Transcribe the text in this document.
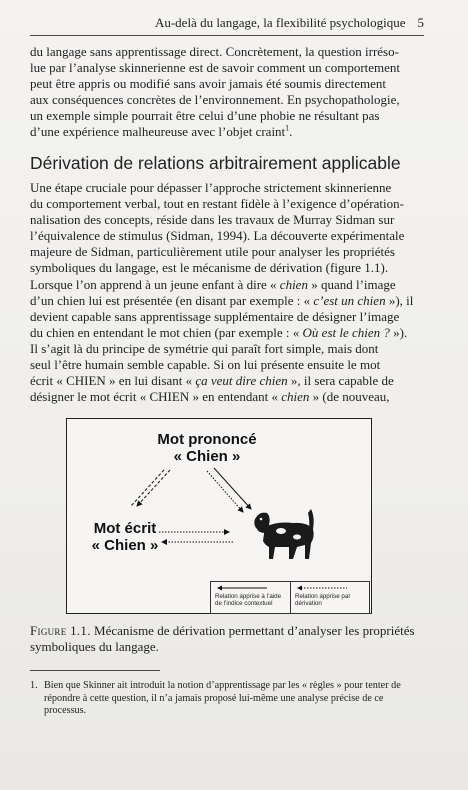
Au-delà du langage, la flexibilité psychologique 5

du langage sans apprentissage direct. Concrètement, la question irréso-

lue par l’analyse skinnerienne est de savoir comment un comportement

peut être appris ou modifié sans avoir jamais été soumis directement

aux conséquences concrètes de l’environnement. En psychopathologie,

un exemple simple pourrait être celui d’une phobie ne résultant pas

d’une expérience malheureuse avec l’objet craint$^1$.

Dérivation de relations arbitrairement applicable

Une étape cruciale pour dépasser l’approche strictement skinnerienne

du comportement verbal, tout en restant fidèle à l’exigence d’opération-

nalisation des concepts, réside dans les travaux de Murray Sidman sur

l’équivalence de stimulus (Sidman, 1994). La découverte expérimentale

majeure de Sidman, particulièrement utile pour analyser les propriétés

symboliques du langage, est le mécanisme de dérivation (figure 1.1).

Lorsque l’on apprend à un jeune enfant à dire « chien » quand l’image

d’un chien lui est présentée (en disant par exemple : « c’est un chien »), il

devient capable sans apprentissage supplémentaire de désigner l’image

du chien en entendant le mot chien (par exemple : « Où est le chien ? »).

Il s’agit là du principe de symétrie qui paraît fort simple, mais dont

seul l’être humain semble capable. Si on lui présente ensuite le mot

écrit « CHIEN » en lui disant « ça veut dire chien », il sera capable de

désigner le mot écrit « CHIEN » en entendant « chien » (de nouveau,

Mot prononcé
« Chien »
Mot écrit
« Chien »
Relation apprise à l’aide de l’indice contextuel
Relation apprise par dérivation
Figure 1.1. Mécanisme de dérivation permettant d’analyser les propriétés symboliques du langage.
1. Bien que Skinner ait introduit la notion d’apprentissage par les « règles » pour tenter de répondre à cette question, il n’a jamais proposé lui-même une analyse précise de ce processus.
